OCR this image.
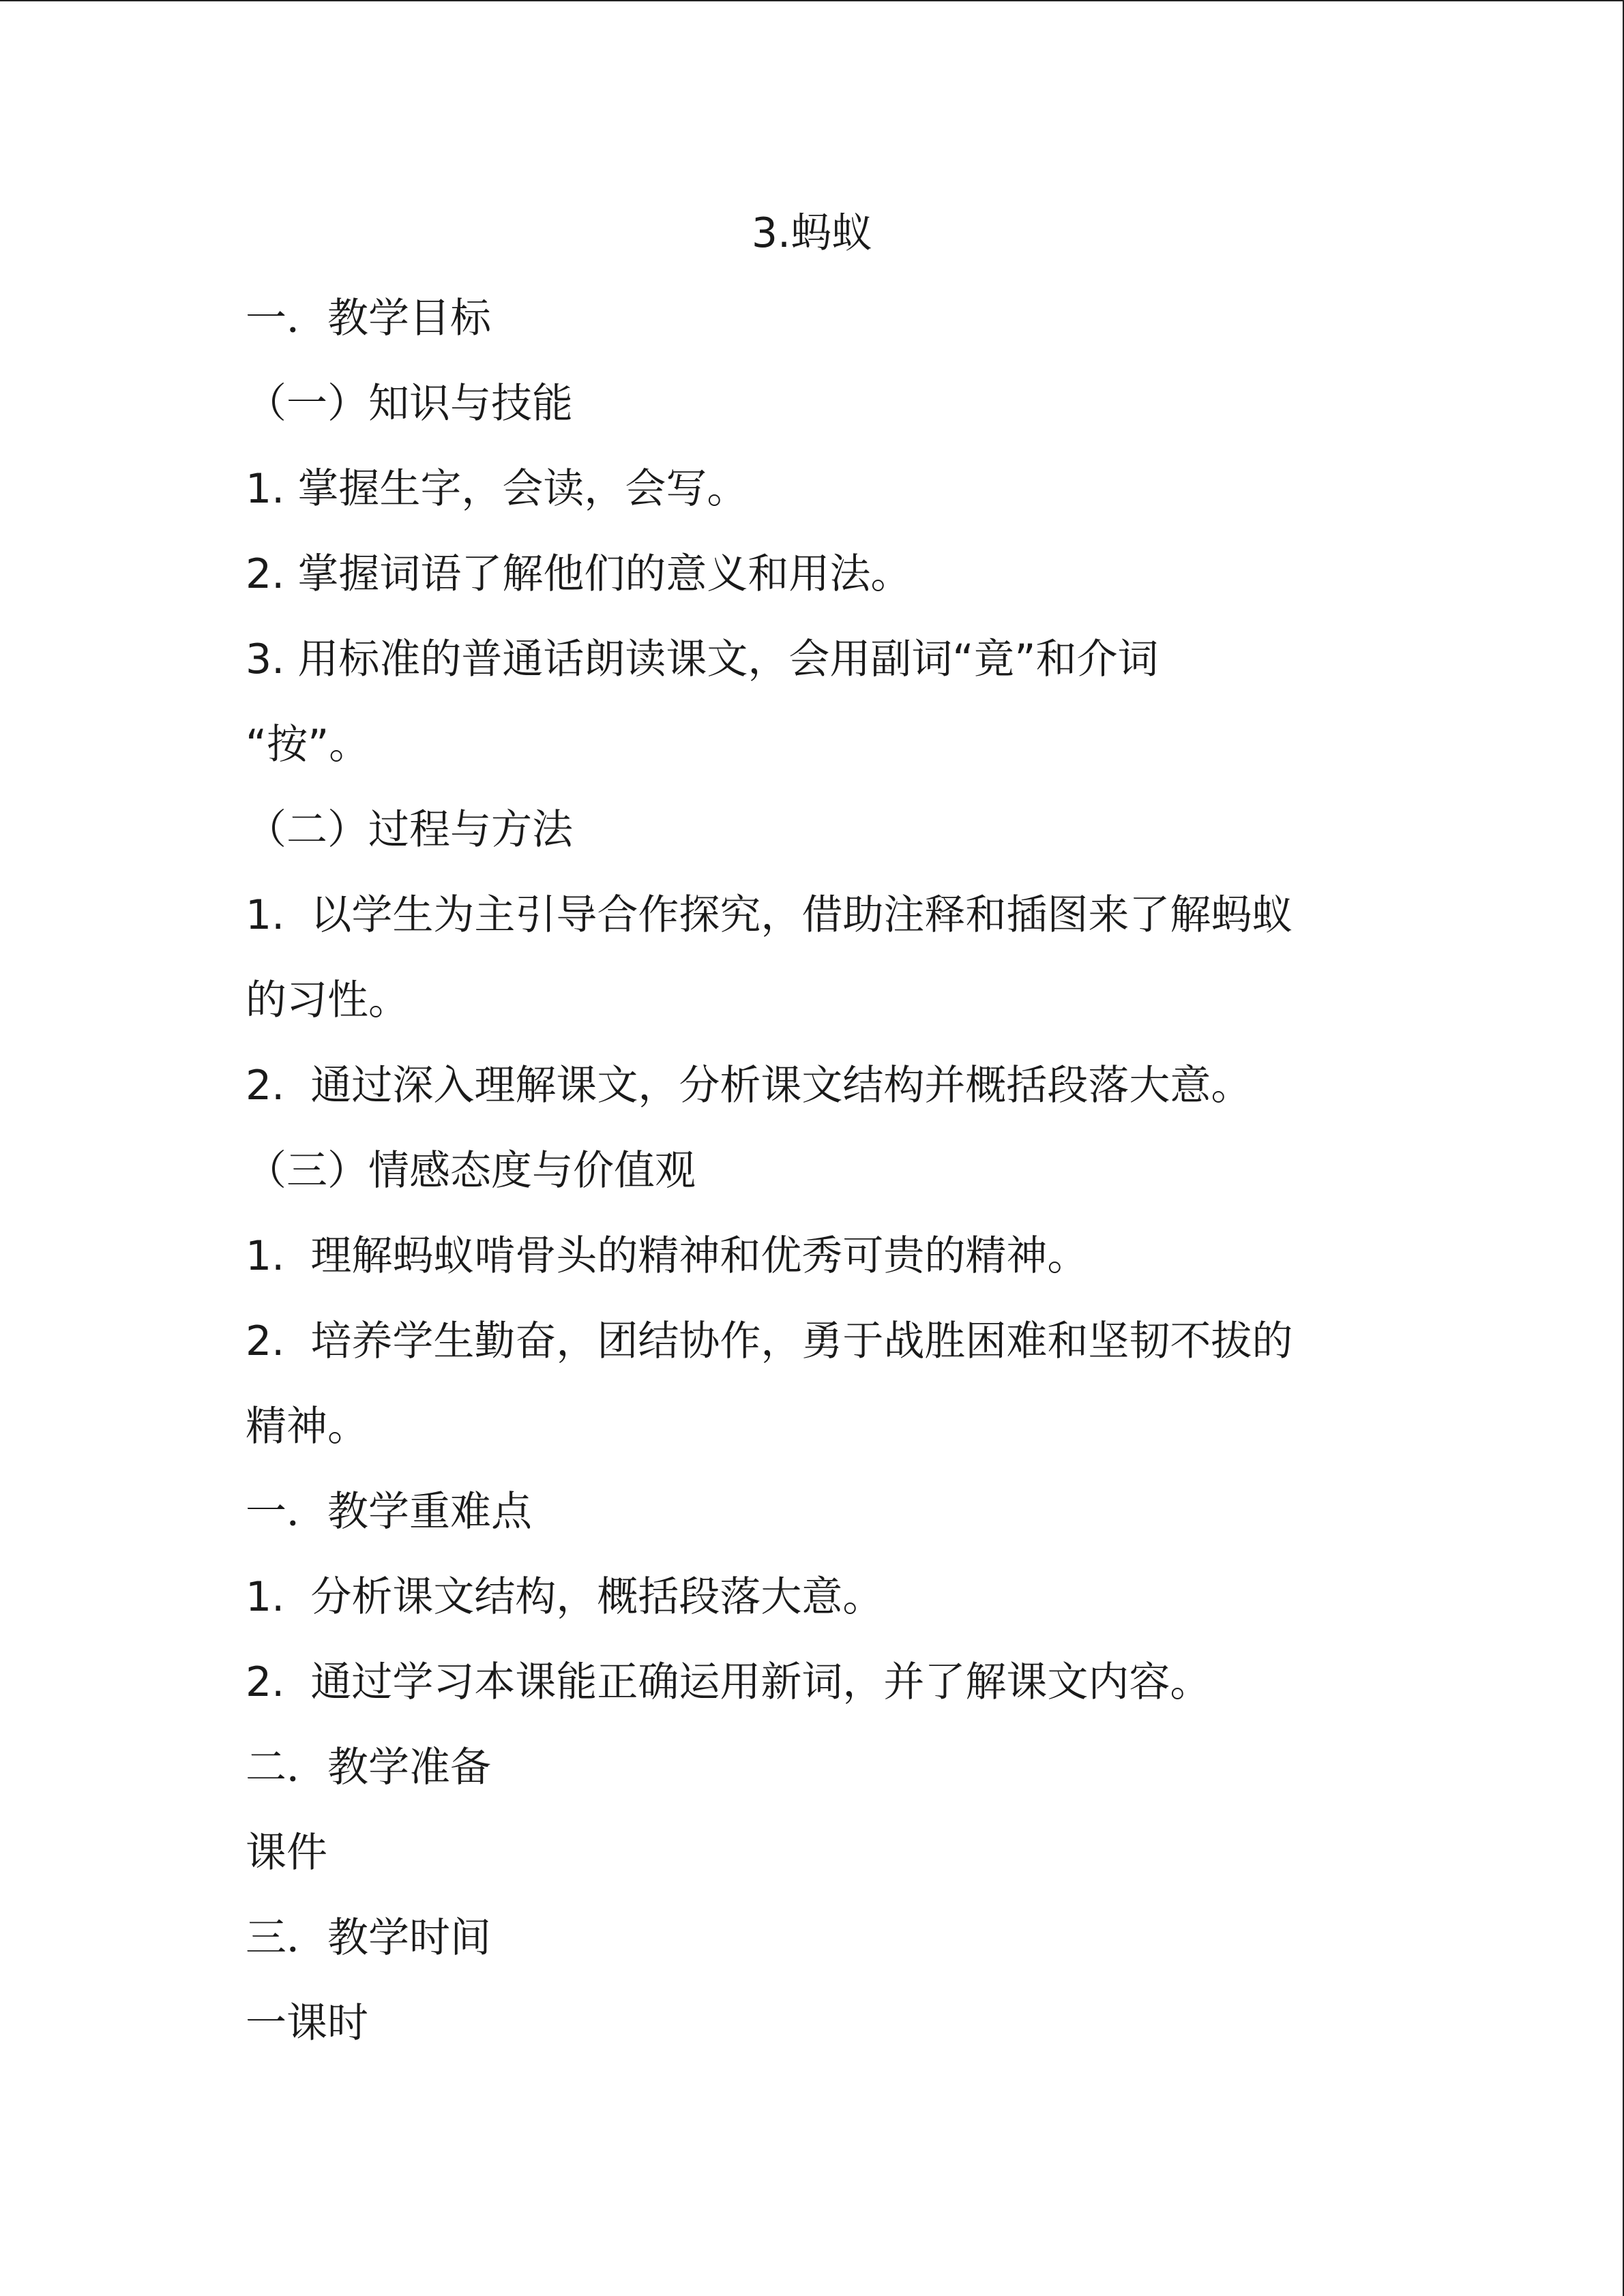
3.蚂蚁
一．教学目标
（一）知识与技能
1. 掌握生字，会读，会写。
2. 掌握词语了解他们的意义和用法。
3. 用标准的普通话朗读课文，会用副词“竟”和介词
“按”。
（二）过程与方法
1.  以学生为主引导合作探究，借助注释和插图来了解蚂蚁
的习性。
2.  通过深入理解课文，分析课文结构并概括段落大意。
（三）情感态度与价值观
1.  理解蚂蚁啃骨头的精神和优秀可贵的精神。
2.  培养学生勤奋，团结协作，勇于战胜困难和坚韧不拔的
精神。
一．教学重难点
1.  分析课文结构，概括段落大意。
2.  通过学习本课能正确运用新词，并了解课文内容。
二．教学准备
课件
三．教学时间
一课时
